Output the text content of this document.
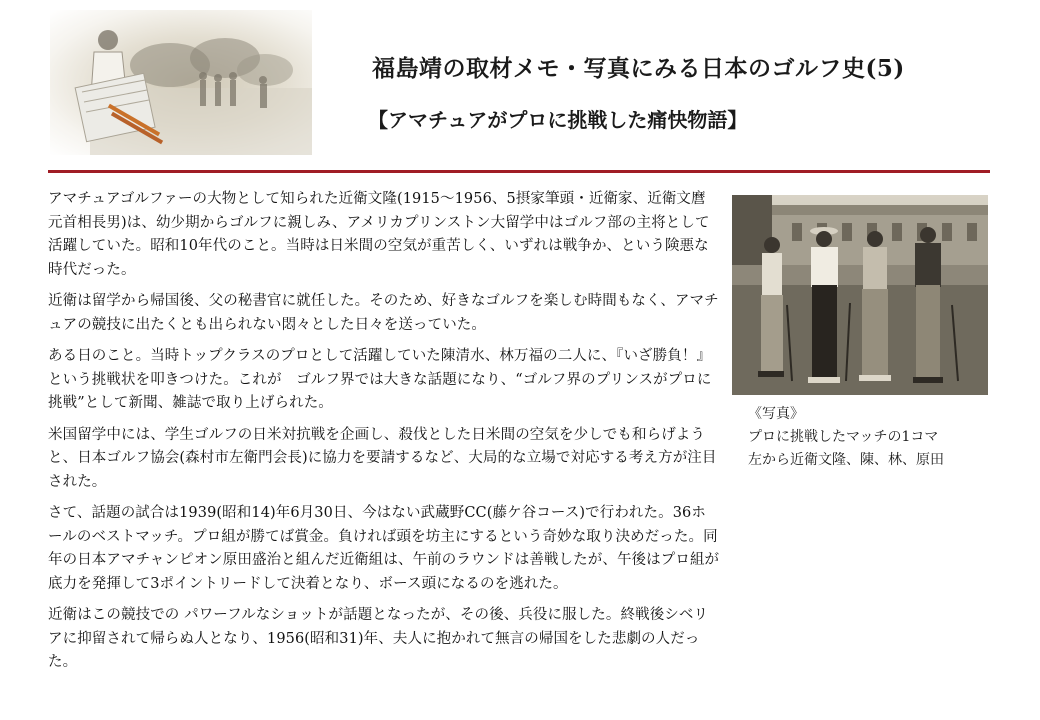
福島靖の取材メモ・写真にみる日本のゴルフ史(5)
【アマチュアがプロに挑戦した痛快物語】

アマチュアゴルファーの大物として知られた近衛文隆(1915～1956、5摂家筆頭・近衛家、近衛文麿元首相長男)は、幼少期からゴルフに親しみ、アメリカプリンストン大留学中はゴルフ部の主将として活躍していた。昭和10年代のこと。当時は日米間の空気が重苦しく、いずれは戦争か、という険悪な時代だった。

近衛は留学から帰国後、父の秘書官に就任した。そのため、好きなゴルフを楽しむ時間もなく、アマチュアの競技に出たくとも出られない悶々とした日々を送っていた。

ある日のこと。当時トップクラスのプロとして活躍していた陳清水、林万福の二人に、『いざ勝負！』という挑戦状を叩きつけた。これが　ゴルフ界では大きな話題になり、“ゴルフ界のプリンスがプロに挑戦”として新聞、雑誌で取り上げられた。

米国留学中には、学生ゴルフの日米対抗戦を企画し、殺伐とした日米間の空気を少しでも和らげようと、日本ゴルフ協会(森村市左衛門会長)に協力を要請するなど、大局的な立場で対応する考え方が注目された。

さて、話題の試合は1939(昭和14)年6月30日、今はない武蔵野CC(藤ケ谷コース)で行われた。36ホールのベストマッチ。プロ組が勝てば賞金。負ければ頭を坊主にするという奇妙な取り決めだった。同年の日本アマチャンピオン原田盛治と組んだ近衛組は、午前のラウンドは善戦したが、午後はプロ組が底力を発揮して3ポイントリードして決着となり、ボース頭になるのを逃れた。

近衛はこの競技での パワーフルなショットが話題となったが、その後、兵役に服した。終戦後シベリアに抑留されて帰らぬ人となり、1956(昭和31)年、夫人に抱かれて無言の帰国をした悲劇の人だった。

《写真》
プロに挑戦したマッチの1コマ
左から近衛文隆、陳、林、原田
